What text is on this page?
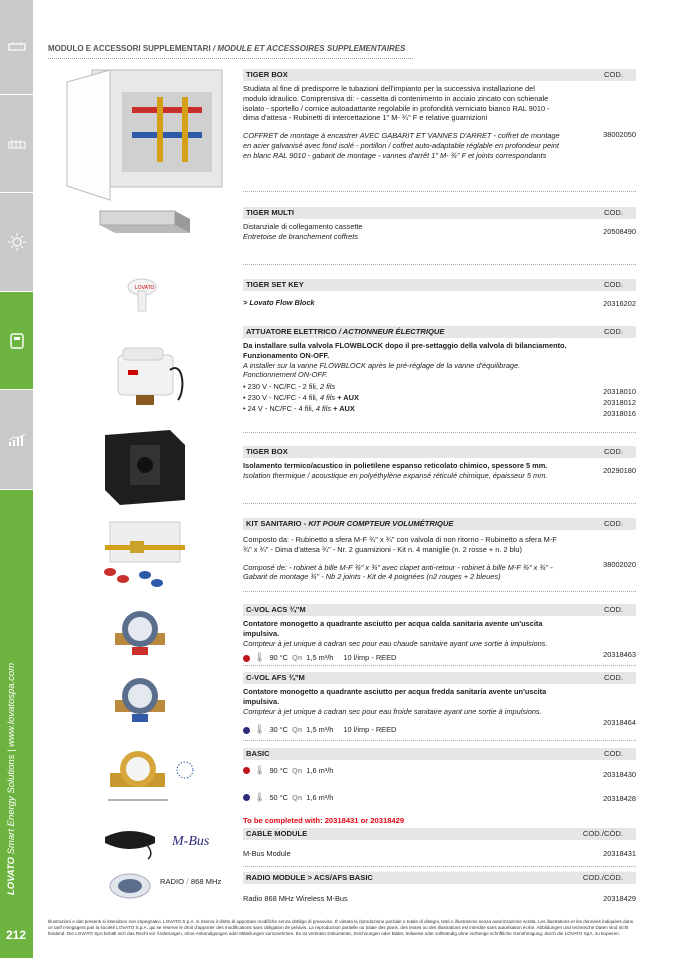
LOVATO Smart Energy Solutions | www.lovatospa.com
212
MODULO E ACCESSORI SUPPLEMENTARI / MODULE ET ACCESSOIRES SUPPLEMENTAIRES
LOVATO
M-Bus
RADIO ⧸ 868 MHz
TIGER BOX	COD.
Studiata al fine di predisporre le tubazioni dell'impianto per la successiva installazione del modulo idraulico. Comprensiva di: - cassetta di contenimento in acciaio zincato con schienale isolato - sportello / cornice autoadattante regolabile in profondità verniciato bianco RAL 9010 - dima d'attesa - Rubinetti di intercettazione 1" M- ¾" F e relative guarnizioni
COFFRET de montage à encastrer AVEC GABARIT ET VANNES D'ARRET - coffret de montage en acier galvanisé avec fond isolé - portillon / coffret auto-adaptable réglable en profondeur peint en blanc RAL 9010 - gabarit de montage - vannes d'arrêt 1" M- ¾" F et joints correspondants
38002050
TIGER MULTI	COD.
Distanziale di collegamento cassette
Entretoise de branchement coffrets
20508490
TIGER SET KEY	COD.
> Lovato Flow Block	20316202
ATTUATORE ELETTRICO / ACTIONNEUR ÉLECTRIQUE	COD.
Da installare sulla valvola FLOWBLOCK dopo il pre-settaggio della valvola di bilanciamento. Funzionamento ON-OFF.
A installer sur la vanne FLOWBLOCK après le pré-réglage de la vanne d'équilibrage. Fonctionnement ON-OFF.
• 230 V - NC/FC - 2 fili, 2 fils
• 230 V - NC/FC - 4 fili, 4 fils + AUX
• 24 V - NC/FC - 4 fili, 4 fils + AUX
20318010
20318012
20318016
TIGER BOX	COD.
Isolamento termico/acustico in polietilene espanso reticolato chimico, spessore 5 mm.
Isolation thermique / acoustique en polyéthylène expansé réticulé chimique, épaisseur 5 mm.
20290180
KIT SANITARIO - KIT POUR COMPTEUR VOLUMÉTRIQUE	COD.
Composto da: - Rubinetto a sfera M-F ¾" x ¾" con valvola di non ritorno - Rubinetto a sfera M-F ¾" x ¾" - Dima d'attesa ¾" - Nr. 2 guarnizioni - Kit n. 4 maniglie (n. 2 rosse + n. 2 blu)
Composé de: - robinet à bille M-F ¾" x ¾" avec clapet anti-retour - robinet à bille M-F ¾" x ¾" - Gabarit de montage ¾" - Nb 2 joints - Kit de 4 poignées (n2 rouges + 2 bleues)
38002020
C-VOL ACS ¾"M	COD.
Contatore monogetto a quadrante asciutto per acqua calda sanitaria avente un'uscita impulsiva.
Compteur à jet unique à cadran sec pour eau chaude sanitaire ayant une sortie à impulsions.
🌡 90 °C Qn 1,5 m³/h 10 l/imp - REED	20318463
C-VOL AFS ¾"M	COD.
Contatore monogetto a quadrante asciutto per acqua fredda sanitaria avente un'uscita impulsiva.
Compteur à jet unique à cadran sec pour eau froide sanitaire ayant une sortie à impulsions.
🌡 30 °C Qn 1,5 m³/h 10 l/imp - REED
20318464
BASIC	COD.
🌡 90 °C Qn 1,6 m³/h
🌡 50 °C Qn 1,6 m³/h
20318430
20318428
To be completed with: 20318431 or 20318429
CABLE MODULE	COD./CÓD.
M-Bus Module	20318431
RADIO MODULE > ACS/AFS BASIC	COD./CÓD.
Radio 868 MHz Wireless M-Bus	20318429
Illustrazioni e dati presenti si intendono non impegnativi. LOVATO S.p.A. si riserva il diritto di apportare modifiche senza obbligo di preavviso. È vietata la riproduzione parziale o totale di disegni, testi o illustrazioni senza autorizzazione scritta. Les illustrations et les données indiquées dans ce tarif n'engagent pas la société LOVATO S.p.A. qui se réserve le droit d'apporter des modifications sans obligation de préavis. La reproduction partielle ou totale des plans, des textes ou des illustrations est interdite sans autorisation écrite. Abbildungen und technische Daten sind nicht bindend. Die LOVATO SpA behält sich das Recht vor Änderungen, ohne Ankündigungen oder Mitteilungen vorzunehmen. Es ist verboten Dokumente, Zeichnungen oder Bilder, teilweise oder vollständig ohne vorherige schriftliche Genehmigung, durch die LOVATO SpA, zu kopieren.
